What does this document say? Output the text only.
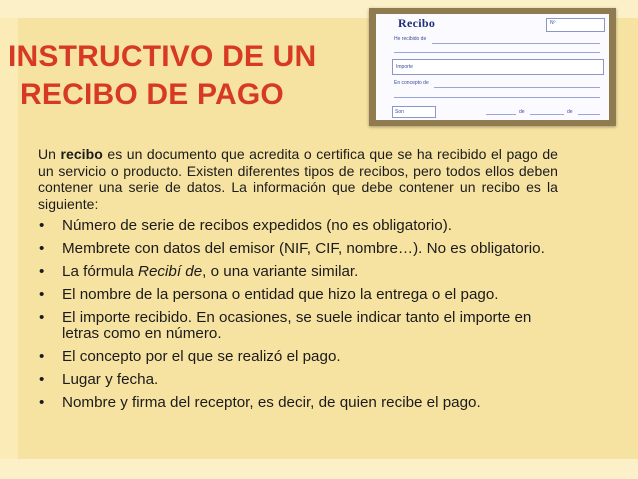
INSTRUCTIVO DE UN
RECIBO DE PAGO
Recibo	Nº
He recibido de
Importe
En concepto de
Son	de	de

Un recibo es un documento que acredita o certifica que se ha recibido el pago de un servicio o producto. Existen diferentes tipos de recibos, pero todos ellos deben contener una serie de datos. La información que debe contener un recibo es la siguiente:

• Número de serie de recibos expedidos (no es obligatorio).
• Membrete con datos del emisor (NIF, CIF, nombre…). No es obligatorio.
• La fórmula Recibí de, o una variante similar.
• El nombre de la persona o entidad que hizo la entrega o el pago.
• El importe recibido. En ocasiones, se suele indicar tanto el importe en letras como en número.
• El concepto por el que se realizó el pago.
• Lugar y fecha.
• Nombre y firma del receptor, es decir, de quien recibe el pago.
